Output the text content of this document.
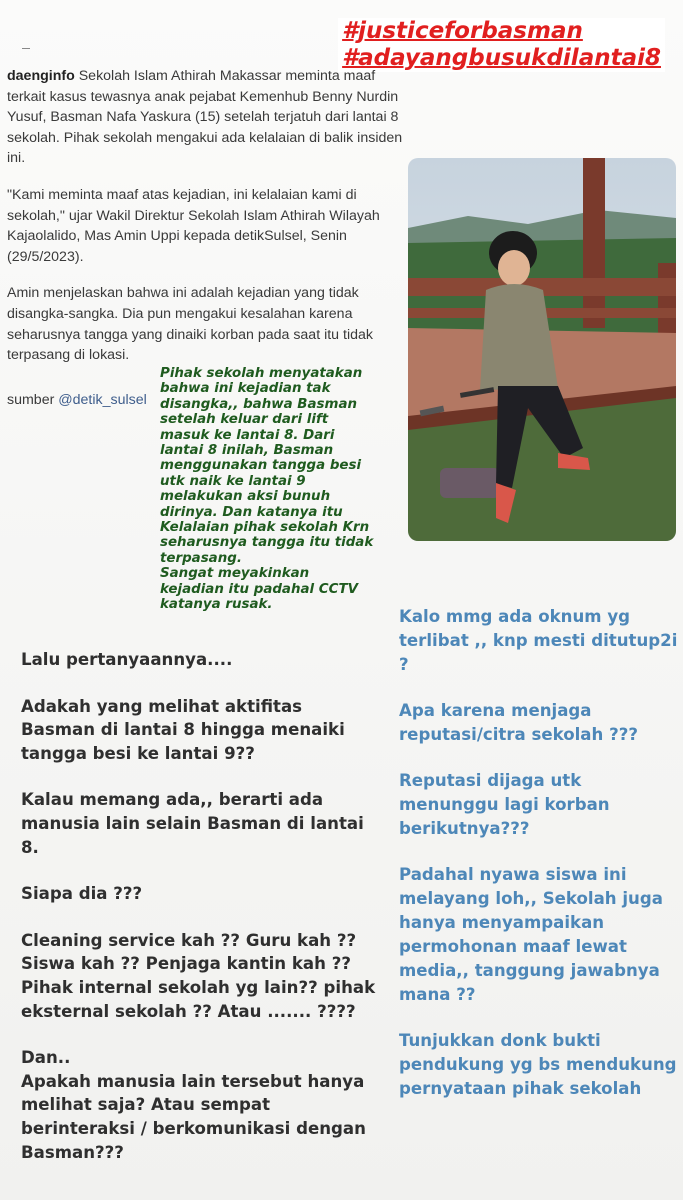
#justiceforbasman
#adayangbusukdilantai8

daenginfo Sekolah Islam Athirah Makassar meminta maaf terkait kasus tewasnya anak pejabat Kemenhub Benny Nurdin Yusuf, Basman Nafa Yaskura (15) setelah terjatuh dari lantai 8 sekolah. Pihak sekolah mengakui ada kelalaian di balik insiden ini.

"Kami meminta maaf atas kejadian, ini kelalaian kami di sekolah," ujar Wakil Direktur Sekolah Islam Athirah Wilayah Kajaolalido, Mas Amin Uppi kepada detikSulsel, Senin (29/5/2023).

Amin menjelaskan bahwa ini adalah kejadian yang tidak disangka-sangka. Dia pun mengakui kesalahan karena seharusnya tangga yang dinaiki korban pada saat itu tidak terpasang di lokasi.

sumber @detik_sulsel
Pihak sekolah menyatakan
bahwa ini kejadian tak
disangka,, bahwa Basman
setelah keluar dari lift
masuk ke lantai 8. Dari
lantai 8 inilah, Basman
menggunakan tangga besi
utk naik ke lantai 9
melakukan aksi bunuh
dirinya. Dan katanya itu
Kelalaian pihak sekolah Krn
seharusnya tangga itu tidak
terpasang.
Sangat meyakinkan
kejadian itu padahal CCTV
katanya rusak.

Lalu pertanyaannya....

Adakah yang melihat aktifitas Basman di lantai 8 hingga menaiki tangga besi ke lantai 9??

Kalau memang ada,, berarti ada manusia lain selain Basman di lantai 8.

Siapa dia ???

Cleaning service kah ?? Guru kah ?? Siswa kah ?? Penjaga kantin kah ?? Pihak internal sekolah yg lain?? pihak eksternal sekolah ?? Atau ....... ????

Dan..
Apakah manusia lain tersebut hanya melihat saja? Atau sempat berinteraksi / berkomunikasi dengan Basman???

Kalo mmg ada oknum yg terlibat ,, knp mesti ditutup2i ?

Apa karena menjaga reputasi/citra sekolah ???

Reputasi dijaga utk menunggu lagi korban berikutnya???

Padahal nyawa siswa ini melayang loh,, Sekolah juga hanya menyampaikan permohonan maaf lewat media,, tanggung jawabnya mana ??

Tunjukkan donk bukti pendukung yg bs mendukung pernyataan pihak sekolah
